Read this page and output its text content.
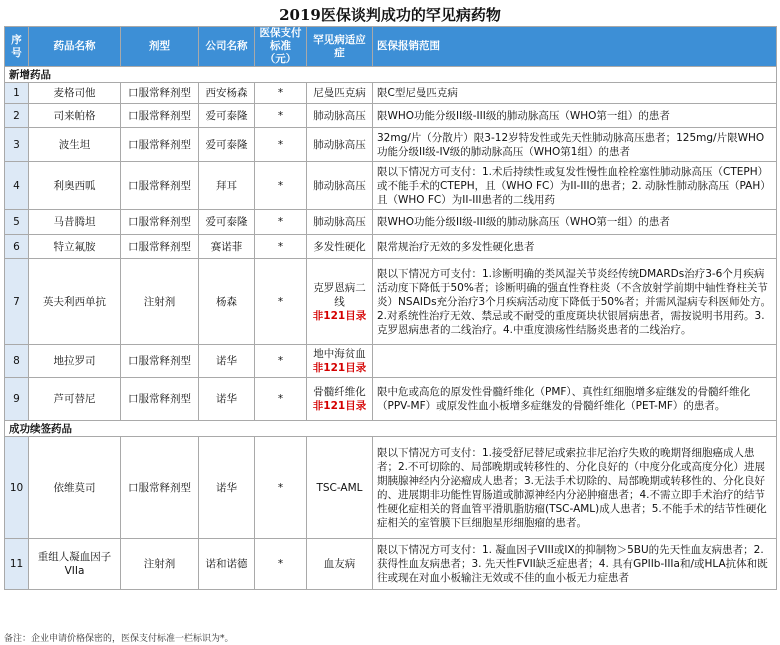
2019医保谈判成功的罕见病药物
序号	药品名称	剂型	公司名称	医保支付
标准（元）	罕见病适应症	医保报销范围
新增药品						
1	麦格司他	口服常释剂型	西安杨森	*	尼曼匹克病	限C型尼曼匹克病
2	司来帕格	口服常释剂型	爱可泰隆	*	肺动脉高压	限WHO功能分级II级-III级的肺动脉高压（WHO第一组）的患者
3	波生坦	口服常释剂型	爱可泰隆	*	肺动脉高压	32mg/片（分散片）限3-12岁特发性或先天性肺动脉高压患者；125mg/片限WHO功能分级II级-IV级的肺动脉高压（WHO第1组）的患者
4	利奥西呱	口服常释剂型	拜耳	*	肺动脉高压	限以下情况方可支付：1.术后持续性或复发性慢性血栓栓塞性肺动脉高压（CTEPH）或不能手术的CTEPH，且（WHO FC）为II-III的患者；2. 动脉性肺动脉高压（PAH）且（WHO FC）为II-III患者的二线用药
5	马昔腾坦	口服常释剂型	爱可泰隆	*	肺动脉高压	限WHO功能分级II级-III级的肺动脉高压（WHO第一组）的患者
6	特立氟胺	口服常释剂型	赛诺菲	*	多发性硬化	限常规治疗无效的多发性硬化患者
7	英夫利西单抗	注射剂	杨森	*	克罗恩病二线
非121目录	限以下情况方可支付：1.诊断明确的类风湿关节炎经传统DMARDs治疗3-6个月疾病活动度下降低于50%者；诊断明确的强直性脊柱炎（不含放射学前期中轴性脊柱关节炎）NSAIDs充分治疗3个月疾病活动度下降低于50%者；并需风湿病专科医师处方。2.对系统性治疗无效、禁忌或不耐受的重度斑块状银屑病患者，需按说明书用药。3.克罗恩病患者的二线治疗。4.中重度溃疡性结肠炎患者的二线治疗。
8	地拉罗司	口服常释剂型	诺华	*	地中海贫血
非121目录	

9	芦可替尼	口服常释剂型	诺华	*	骨髓纤维化
非121目录	限中危或高危的原发性骨髓纤维化（PMF）、真性红细胞增多症继发的骨髓纤维化（PPV-MF）或原发性血小板增多症继发的骨髓纤维化（PET-MF）的患者。
成功续签药品						
10	依维莫司	口服常释剂型	诺华	*	TSC-AML	限以下情况方可支付：1.接受舒尼替尼或索拉非尼治疗失败的晚期肾细胞癌成人患者；2.不可切除的、局部晚期或转移性的、分化良好的（中度分化或高度分化）进展期胰腺神经内分泌瘤成人患者；3.无法手术切除的、局部晚期或转移性的、分化良好的、进展期非功能性胃肠道或肺源神经内分泌肿瘤患者；4.不需立即手术治疗的结节性硬化症相关的肾血管平滑肌脂肪瘤(TSC-AML)成人患者；5.不能手术的结节性硬化症相关的室管膜下巨细胞星形细胞瘤的患者。
11	重组人凝血因子VIIa	注射剂	诺和诺德	*	血友病	限以下情况方可支付：1. 凝血因子VIII或IX的抑制物＞5BU的先天性血友病患者；2. 获得性血友病患者；3. 先天性FVII缺乏症患者；4. 具有GPIIb-IIIa和/或HLA抗体和既往或现在对血小板输注无效或不佳的血小板无力症患者
备注：企业申请价格保密的，医保支付标准一栏标识为*。
